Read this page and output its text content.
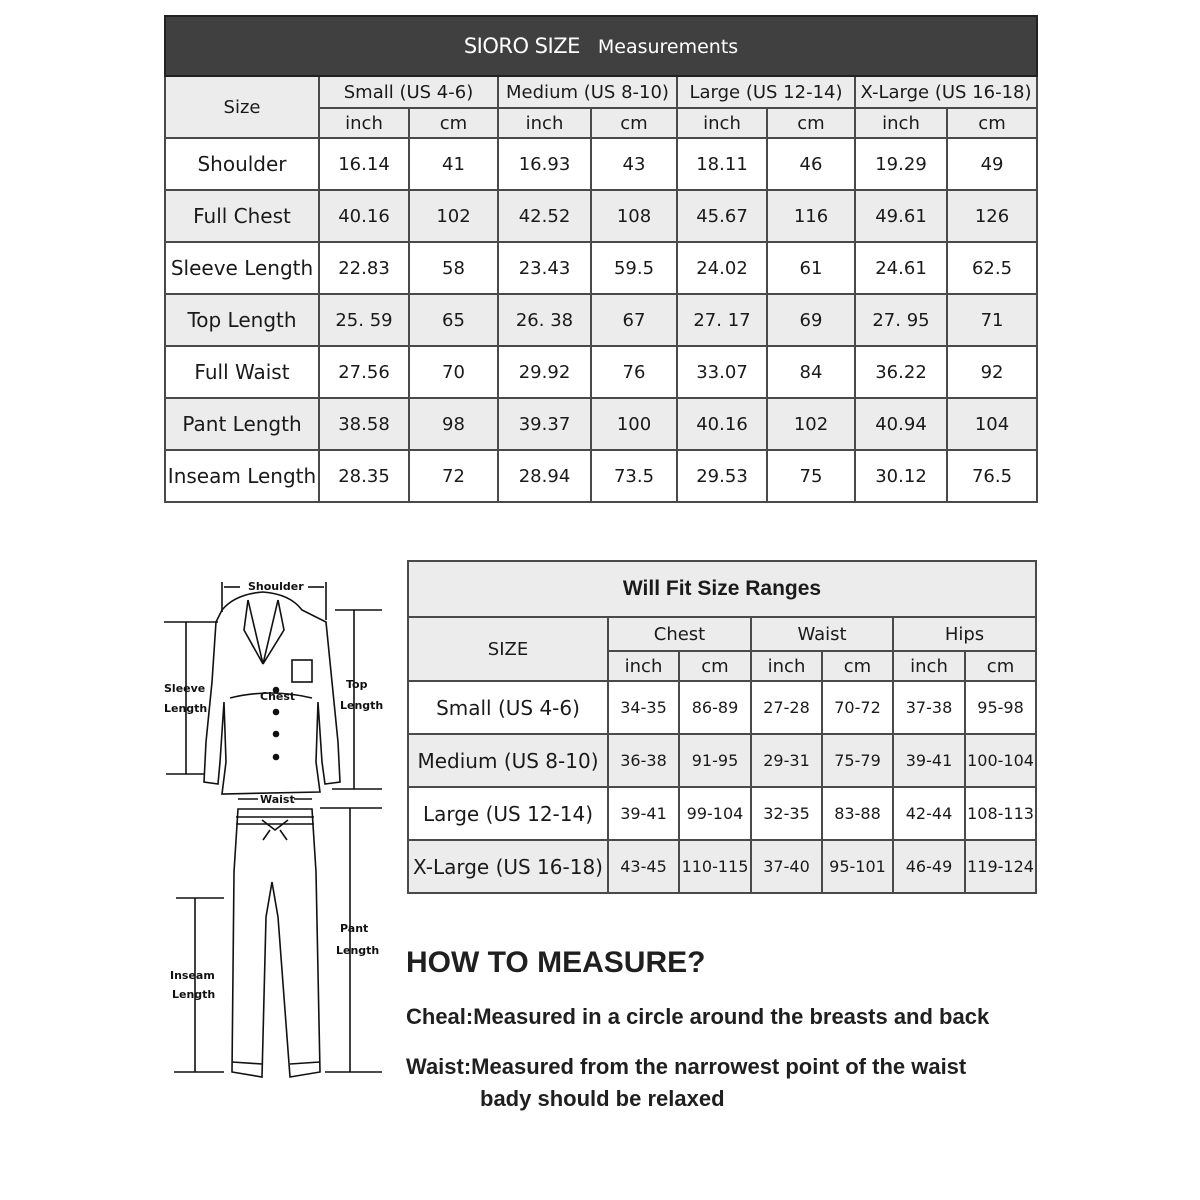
SIORO SIZE Measurements								
Size	Small (US 4-6)		Medium (US 8-10)		Large (US 12-14)		X-Large (US 16-18)	
	inch	cm	inch	cm	inch	cm	inch	cm
Shoulder	16.14	41	16.93	43	18.11	46	19.29	49
Full Chest	40.16	102	42.52	108	45.67	116	49.61	126
Sleeve Length	22.83	58	23.43	59.5	24.02	61	24.61	62.5
Top Length	25. 59	65	26. 38	67	27. 17	69	27. 95	71
Full Waist	27.56	70	29.92	76	33.07	84	36.22	92
Pant Length	38.58	98	39.37	100	40.16	102	40.94	104
Inseam Length	28.35	72	28.94	73.5	29.53	75	30.12	76.5
Will Fit Size Ranges						
SIZE	Chest		Waist		Hips	
	inch	cm	inch	cm	inch	cm
Small (US 4-6)	34-35	86-89	27-28	70-72	37-38	95-98
Medium (US 8-10)	36-38	91-95	29-31	75-79	39-41	100-104
Large (US 12-14)	39-41	99-104	32-35	83-88	42-44	108-113
X-Large (US 16-18)	43-45	110-115	37-40	95-101	46-49	119-124
Shoulder
Chest
Sleeve
Length
Top
Length
Waist
Pant
Length
Inseam
Length
HOW TO MEASURE?
Cheal:Measured in a circle around the breasts and back
Waist:Measured from the narrowest point of the waist
bady should be relaxed
